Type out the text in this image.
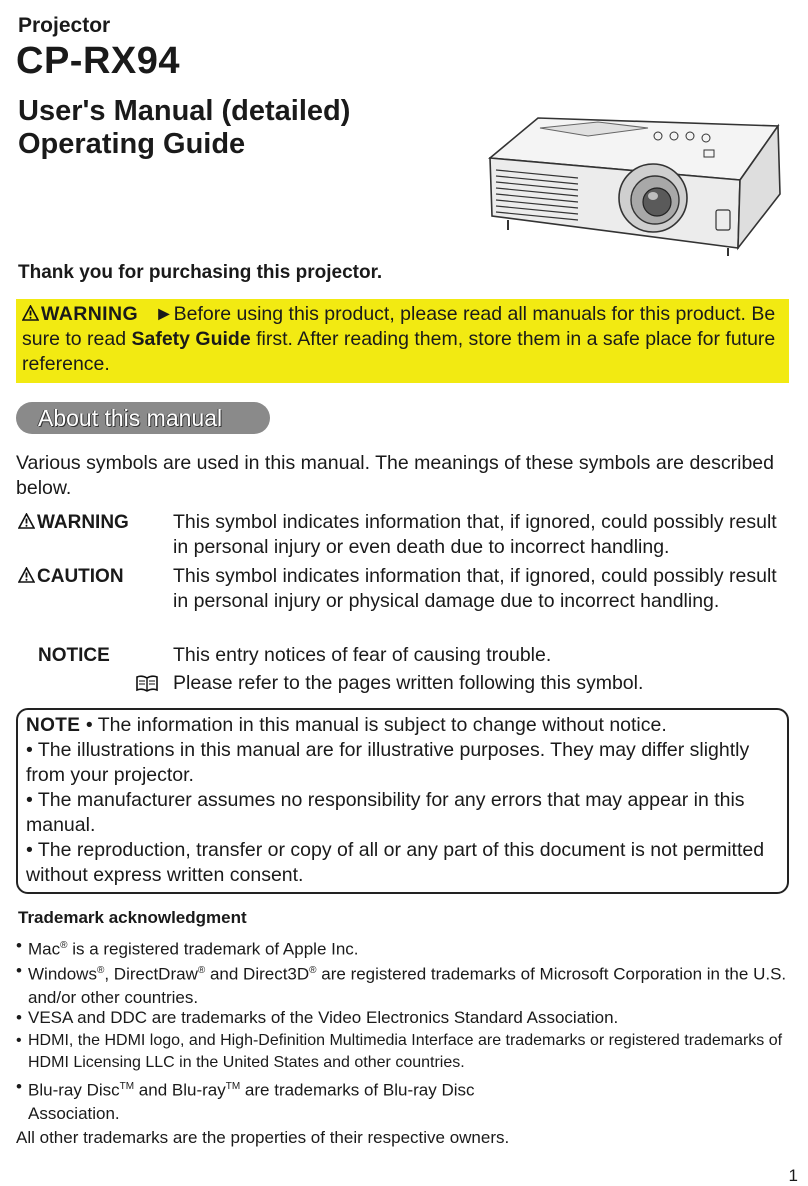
Projector
CP-RX94
User's Manual (detailed)
Operating Guide
Thank you for purchasing this projector.
WARNING ►Before using this product, please read all manuals for this product. Be sure to read Safety Guide first. After reading them, store them in a safe place for future reference.
About this manual
Various symbols are used in this manual. The meanings of these symbols are described below.
WARNING This symbol indicates information that, if ignored, could possibly result in personal injury or even death due to incorrect handling.
CAUTION	This symbol indicates information that, if ignored, could possibly result in personal injury or physical damage due to incorrect handling.
NOTICE	This entry notices of fear of causing trouble.
Please refer to the pages written following this symbol.
NOTE • The information in this manual is subject to change without notice.
• The illustrations in this manual are for illustrative purposes. They may differ slightly from your projector.
• The manufacturer assumes no responsibility for any errors that may appear in this manual.
• The reproduction, transfer or copy of all or any part of this document is not permitted without express written consent.
Trademark acknowledgment
• Mac® is a registered trademark of Apple Inc.
• Windows®, DirectDraw® and Direct3D® are registered trademarks of Microsoft Corporation in the U.S. and/or other countries.
• VESA and DDC are trademarks of the Video Electronics Standard Association.
• HDMI, the HDMI logo, and High-Definition Multimedia Interface are trademarks or registered trademarks of HDMI Licensing LLC in the United States and other countries.
• Blu-ray Disc™ and Blu-ray™ are trademarks of Blu-ray Disc
Association.
All other trademarks are the properties of their respective owners.
1
